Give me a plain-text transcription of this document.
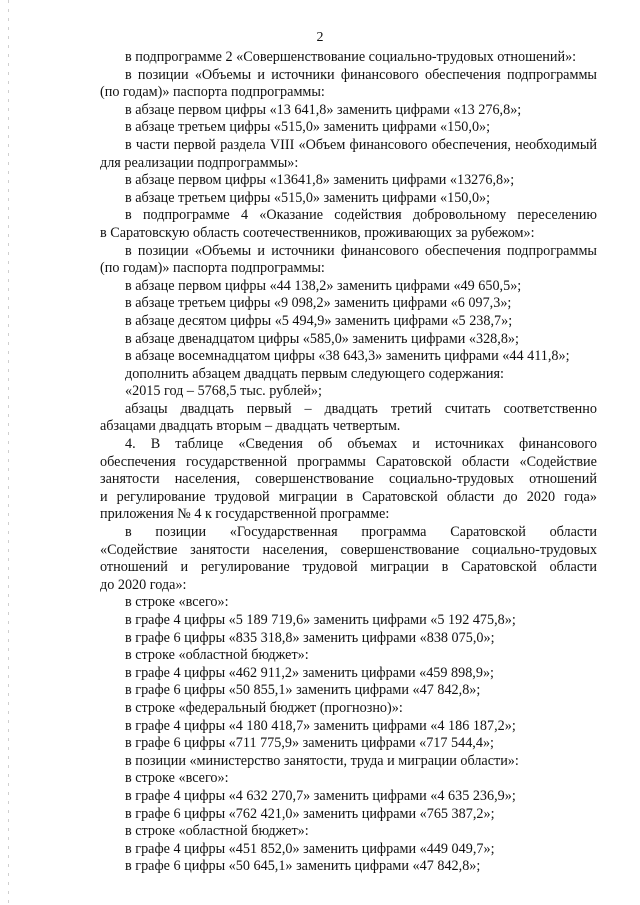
2
в подпрограмме 2 «Совершенствование социально-трудовых отношений»:
в позиции «Объемы и источники финансового обеспечения подпрограммы
(по годам)» паспорта подпрограммы:
в абзаце первом цифры «13 641,8» заменить цифрами «13 276,8»;
в абзаце третьем цифры «515,0» заменить цифрами «150,0»;
в части первой раздела VIII «Объем финансового обеспечения, необходимый
для реализации подпрограммы»:
в абзаце первом цифры «13641,8» заменить цифрами «13276,8»;
в абзаце третьем цифры «515,0» заменить цифрами «150,0»;
в подпрограмме 4 «Оказание содействия добровольному переселению
в Саратовскую область соотечественников, проживающих за рубежом»:
в позиции «Объемы и источники финансового обеспечения подпрограммы
(по годам)» паспорта подпрограммы:
в абзаце первом цифры «44 138,2» заменить цифрами «49 650,5»;
в абзаце третьем цифры «9 098,2» заменить цифрами «6 097,3»;
в абзаце десятом цифры «5 494,9» заменить цифрами «5 238,7»;
в абзаце двенадцатом цифры «585,0» заменить цифрами «328,8»;
в абзаце восемнадцатом цифры «38 643,3» заменить цифрами «44 411,8»;
дополнить абзацем двадцать первым следующего содержания:
«2015 год – 5768,5 тыс. рублей»;
абзацы двадцать первый – двадцать третий считать соответственно
абзацами двадцать вторым – двадцать четвертым.
4. В таблице «Сведения об объемах и источниках финансового
обеспечения государственной программы Саратовской области «Содействие
занятости населения, совершенствование социально-трудовых отношений
и регулирование трудовой миграции в Саратовской области до 2020 года»
приложения № 4 к государственной программе:
в позиции «Государственная программа Саратовской области
«Содействие занятости населения, совершенствование социально-трудовых
отношений и регулирование трудовой миграции в Саратовской области
до 2020 года»:
в строке «всего»:
в графе 4 цифры «5 189 719,6» заменить цифрами «5 192 475,8»;
в графе 6 цифры «835 318,8» заменить цифрами «838 075,0»;
в строке «областной бюджет»:
в графе 4 цифры «462 911,2» заменить цифрами «459 898,9»;
в графе 6 цифры «50 855,1» заменить цифрами «47 842,8»;
в строке «федеральный бюджет (прогнозно)»:
в графе 4 цифры «4 180 418,7» заменить цифрами «4 186 187,2»;
в графе 6 цифры «711 775,9» заменить цифрами «717 544,4»;
в позиции «министерство занятости, труда и миграции области»:
в строке «всего»:
в графе 4 цифры «4 632 270,7» заменить цифрами «4 635 236,9»;
в графе 6 цифры «762 421,0» заменить цифрами «765 387,2»;
в строке «областной бюджет»:
в графе 4 цифры «451 852,0» заменить цифрами «449 049,7»;
в графе 6 цифры «50 645,1» заменить цифрами «47 842,8»;
